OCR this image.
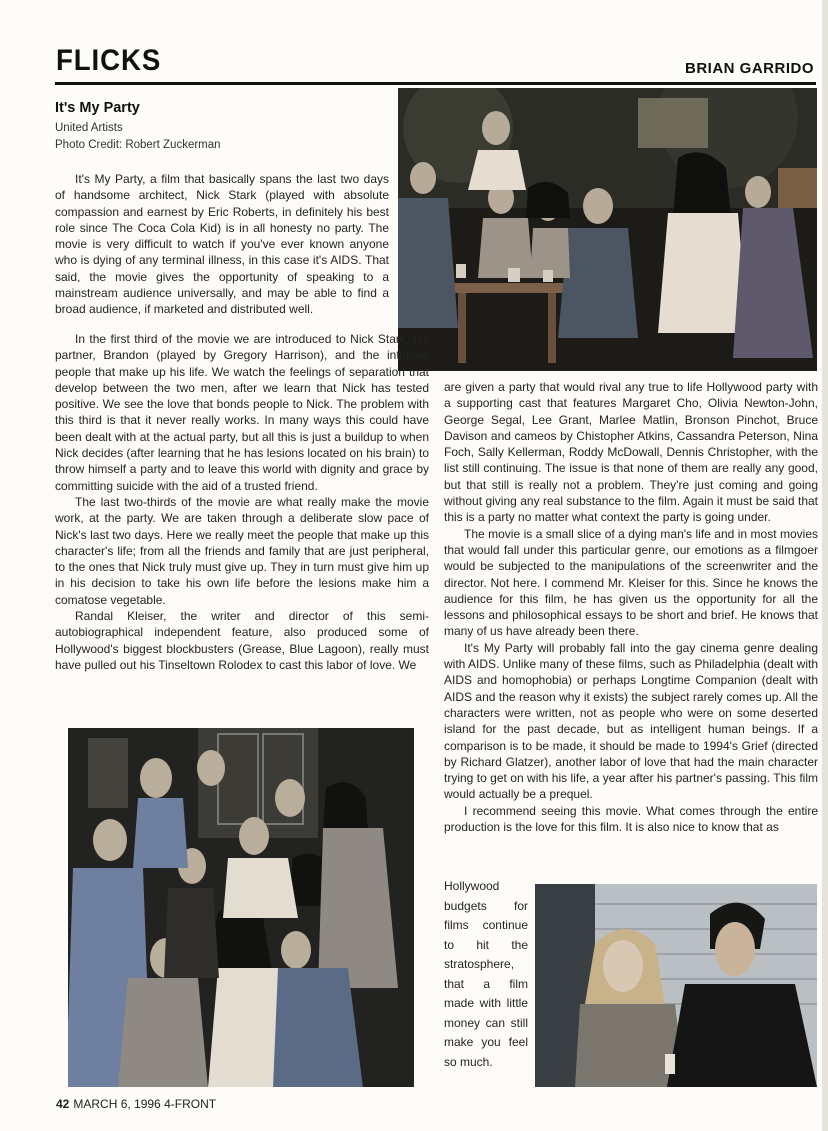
FLICKS	BRIAN GARRIDO
It's My Party
United Artists
Photo Credit: Robert Zuckerman

It's My Party, a film that basically spans the last two days of handsome architect, Nick Stark (played with absolute compassion and earnest by Eric Roberts, in definitely his best role since The Coca Cola Kid) is in all honesty no party. The movie is very difficult to watch if you've ever known anyone who is dying of any terminal illness, in this case it's AIDS. That said, the movie gives the opportunity of speaking to a mainstream audience universally, and may be able to find a broad audience, if marketed and distributed well.

In the first third of the movie we are introduced to Nick Stark, his partner, Brandon (played by Gregory Harrison), and the intimate people that make up his life. We watch the feelings of separation that develop between the two men, after we learn that Nick has tested positive. We see the love that bonds people to Nick. The problem with this third is that it never really works. In many ways this could have been dealt with at the actual party, but all this is just a buildup to when Nick decides (after learning that he has lesions located on his brain) to throw himself a party and to leave this world with dignity and grace by committing suicide with the aid of a trusted friend.

The last two-thirds of the movie are what really make the movie work, at the party. We are taken through a deliberate slow pace of Nick's last two days. Here we really meet the people that make up this character's life; from all the friends and family that are just peripheral, to the ones that Nick truly must give up. They in turn must give him up in his decision to take his own life before the lesions make him a comatose vegetable.

Randal Kleiser, the writer and director of this semi-autobiographical independent feature, also produced some of Hollywood's biggest blockbusters (Grease, Blue Lagoon), really must have pulled out his Tinseltown Rolodex to cast this labor of love. We

are given a party that would rival any true to life Hollywood party with a supporting cast that features Margaret Cho, Olivia Newton-John, George Segal, Lee Grant, Marlee Matlin, Bronson Pinchot, Bruce Davison and cameos by Chistopher Atkins, Cassandra Peterson, Nina Foch, Sally Kellerman, Roddy McDowall, Dennis Christopher, with the list still continuing. The issue is that none of them are really any good, but that still is really not a problem. They're just coming and going without giving any real substance to the film. Again it must be said that this is a party no matter what context the party is going under.

The movie is a small slice of a dying man's life and in most movies that would fall under this particular genre, our emotions as a filmgoer would be subjected to the manipulations of the screenwriter and the director. Not here. I commend Mr. Kleiser for this. Since he knows the audience for this film, he has given us the opportunity for all the lessons and philosophical essays to be short and brief. He knows that many of us have already been there.

It's My Party will probably fall into the gay cinema genre dealing with AIDS. Unlike many of these films, such as Philadelphia (dealt with AIDS and homophobia) or perhaps Longtime Companion (dealt with AIDS and the reason why it exists) the subject rarely comes up. All the characters were written, not as people who were on some deserted island for the past decade, but as intelligent human beings. If a comparison is to be made, it should be made to 1994's Grief (directed by Richard Glatzer), another labor of love that had the main character trying to get on with his life, a year after his partner's passing. This film would actually be a prequel.

I recommend seeing this movie. What comes through the entire production is the love for this film. It is also nice to know that as

Hollywood budgets for films continue to hit the stratosphere, that a film made with little money can still make you feel so much.

42 MARCH 6, 1996 4-FRONT
